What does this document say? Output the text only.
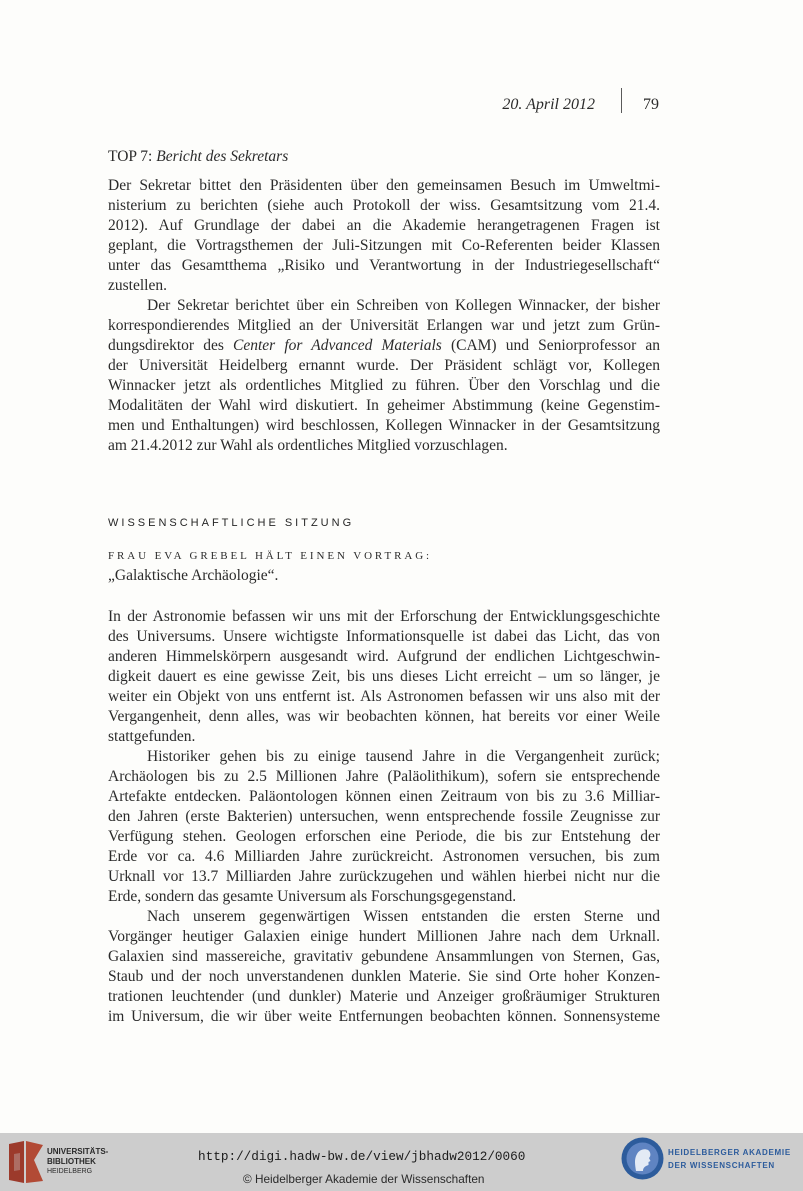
20. April 2012	79
TOP 7: Bericht des Sekretars
Der Sekretar bittet den Präsidenten über den gemeinsamen Besuch im Umweltmi-
nisterium zu berichten (siehe auch Protokoll der wiss. Gesamtsitzung vom 21.4.
2012). Auf Grundlage der dabei an die Akademie herangetragenen Fragen ist
geplant, die Vortragsthemen der Juli-Sitzungen mit Co-Referenten beider Klassen
unter das Gesamtthema „Risiko und Verantwortung in der Industriegesellschaft“
zustellen.
Der Sekretar berichtet über ein Schreiben von Kollegen Winnacker, der bisher
korrespondierendes Mitglied an der Universität Erlangen war und jetzt zum Grün-
dungsdirektor des Center for Advanced Materials (CAM) und Seniorprofessor an
der Universität Heidelberg ernannt wurde. Der Präsident schlägt vor, Kollegen
Winnacker jetzt als ordentliches Mitglied zu führen. Über den Vorschlag und die
Modalitäten der Wahl wird diskutiert. In geheimer Abstimmung (keine Gegenstim-
men und Enthaltungen) wird beschlossen, Kollegen Winnacker in der Gesamtsitzung
am 21.4.2012 zur Wahl als ordentliches Mitglied vorzuschlagen.
WISSENSCHAFTLICHE SITZUNG
FRAU EVA GREBEL HÄLT EINEN VORTRAG:
„Galaktische Archäologie“.
In der Astronomie befassen wir uns mit der Erforschung der Entwicklungsgeschichte
des Universums. Unsere wichtigste Informationsquelle ist dabei das Licht, das von
anderen Himmelskörpern ausgesandt wird. Aufgrund der endlichen Lichtgeschwin-
digkeit dauert es eine gewisse Zeit, bis uns dieses Licht erreicht – um so länger, je
weiter ein Objekt von uns entfernt ist. Als Astronomen befassen wir uns also mit der
Vergangenheit, denn alles, was wir beobachten können, hat bereits vor einer Weile
stattgefunden.
Historiker gehen bis zu einige tausend Jahre in die Vergangenheit zurück;
Archäologen bis zu 2.5 Millionen Jahre (Paläolithikum), sofern sie entsprechende
Artefakte entdecken. Paläontologen können einen Zeitraum von bis zu 3.6 Milliar-
den Jahren (erste Bakterien) untersuchen, wenn entsprechende fossile Zeugnisse zur
Verfügung stehen. Geologen erforschen eine Periode, die bis zur Entstehung der
Erde vor ca. 4.6 Milliarden Jahre zurückreicht. Astronomen versuchen, bis zum
Urknall vor 13.7 Milliarden Jahre zurückzugehen und wählen hierbei nicht nur die
Erde, sondern das gesamte Universum als Forschungsgegenstand.
Nach unserem gegenwärtigen Wissen entstanden die ersten Sterne und
Vorgänger heutiger Galaxien einige hundert Millionen Jahre nach dem Urknall.
Galaxien sind massereiche, gravitativ gebundene Ansammlungen von Sternen, Gas,
Staub und der noch unverstandenen dunklen Materie. Sie sind Orte hoher Konzen-
trationen leuchtender (und dunkler) Materie und Anzeiger großräumiger Strukturen
im Universum, die wir über weite Entfernungen beobachten können. Sonnensysteme
UNIVERSITÄTS-
BIBLIOTHEK
HEIDELBERG
http://digi.hadw-bw.de/view/jbhadw2012/0060
© Heidelberger Akademie der Wissenschaften
HEIDELBERGER AKADEMIE
DER WISSENSCHAFTEN
